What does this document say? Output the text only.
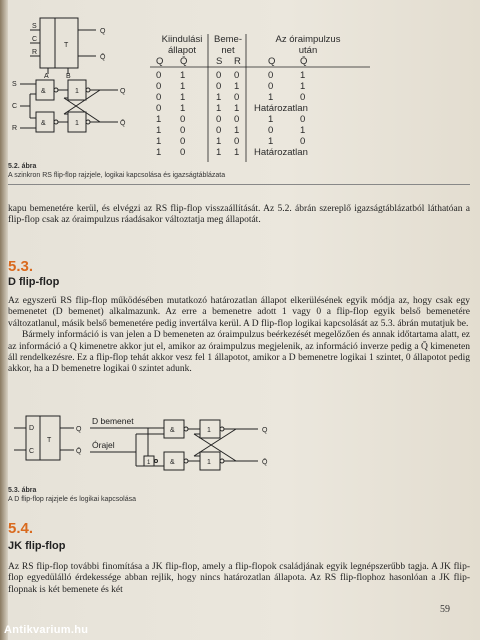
S
C
R
T
Q
Q̄
A B
S
C
R
&
&
1
1
Q
Q̄
Kiindulási
állapot
Beme-
net
Az óraimpulzus
után
Q Q̄	S R	Q	Q̄
0 1	0 0	0	1
0 1	0 1	0	1
0 1	1 0	1	0
0 1	1 1 Határozatlan
1 0	0 0	1	0
1 0	0 1	0	1
1 0	1 0	1	0
1 0	1 1 Határozatlan
5.2. ábra
A szinkron RS flip-flop rajzjele, logikai kapcsolása és igazságtáblázata

kapu bemenetére kerül, és elvégzi az RS flip-flop visszaállítását. Az 5.2. ábrán szereplő igazságtáblázatból láthatóan a flip-flop csak az óraimpulzus ráadásakor változtatja meg állapotát.

5.3.
D flip-flop

Az egyszerű RS flip-flop működésében mutatkozó határozatlan állapot elkerülésének egyik módja az, hogy csak egy bemenetet (D bemenet) alkalmazunk. Az erre a bemenetre adott 1 vagy 0 a flip-flop egyik belső bemenetére változatlanul, másik belső bemenetére pedig invertálva kerül. A D flip-flop logikai kapcsolását az 5.3. ábrán mutatjuk be.

Bármely információ is van jelen a D bemeneten az óraimpulzus beérkezését megelőzően és annak időtartama alatt, ez az információ a Q kimenetre akkor jut el, amikor az óraimpulzus megjelenik, az információ inverze pedig a Q̄ kimeneten áll rendelkezésre. Ez a flip-flop tehát akkor vesz fel 1 állapotot, amikor a D bemenetre logikai 1 szintet, 0 állapotot pedig akkor, ha a D bemenetre logikai 0 szintet adunk.

D
C
T
Q
Q̄
&
&
1
1
1
Q
Q̄
D bemenet
Órajel
5.3. ábra
A D flip-flop rajzjele és logikai kapcsolása
5.4.
JK flip-flop

Az RS flip-flop további finomítása a JK flip-flop, amely a flip-flopok családjának egyik legnépszerűbb tagja. A JK flip-flop egyedülálló érdekessége abban rejlik, hogy nincs határozatlan állapota. Az RS flip-flophoz hasonlóan a JK flip-flopnak is két bemenete és két

59
Antikvarium.hu
